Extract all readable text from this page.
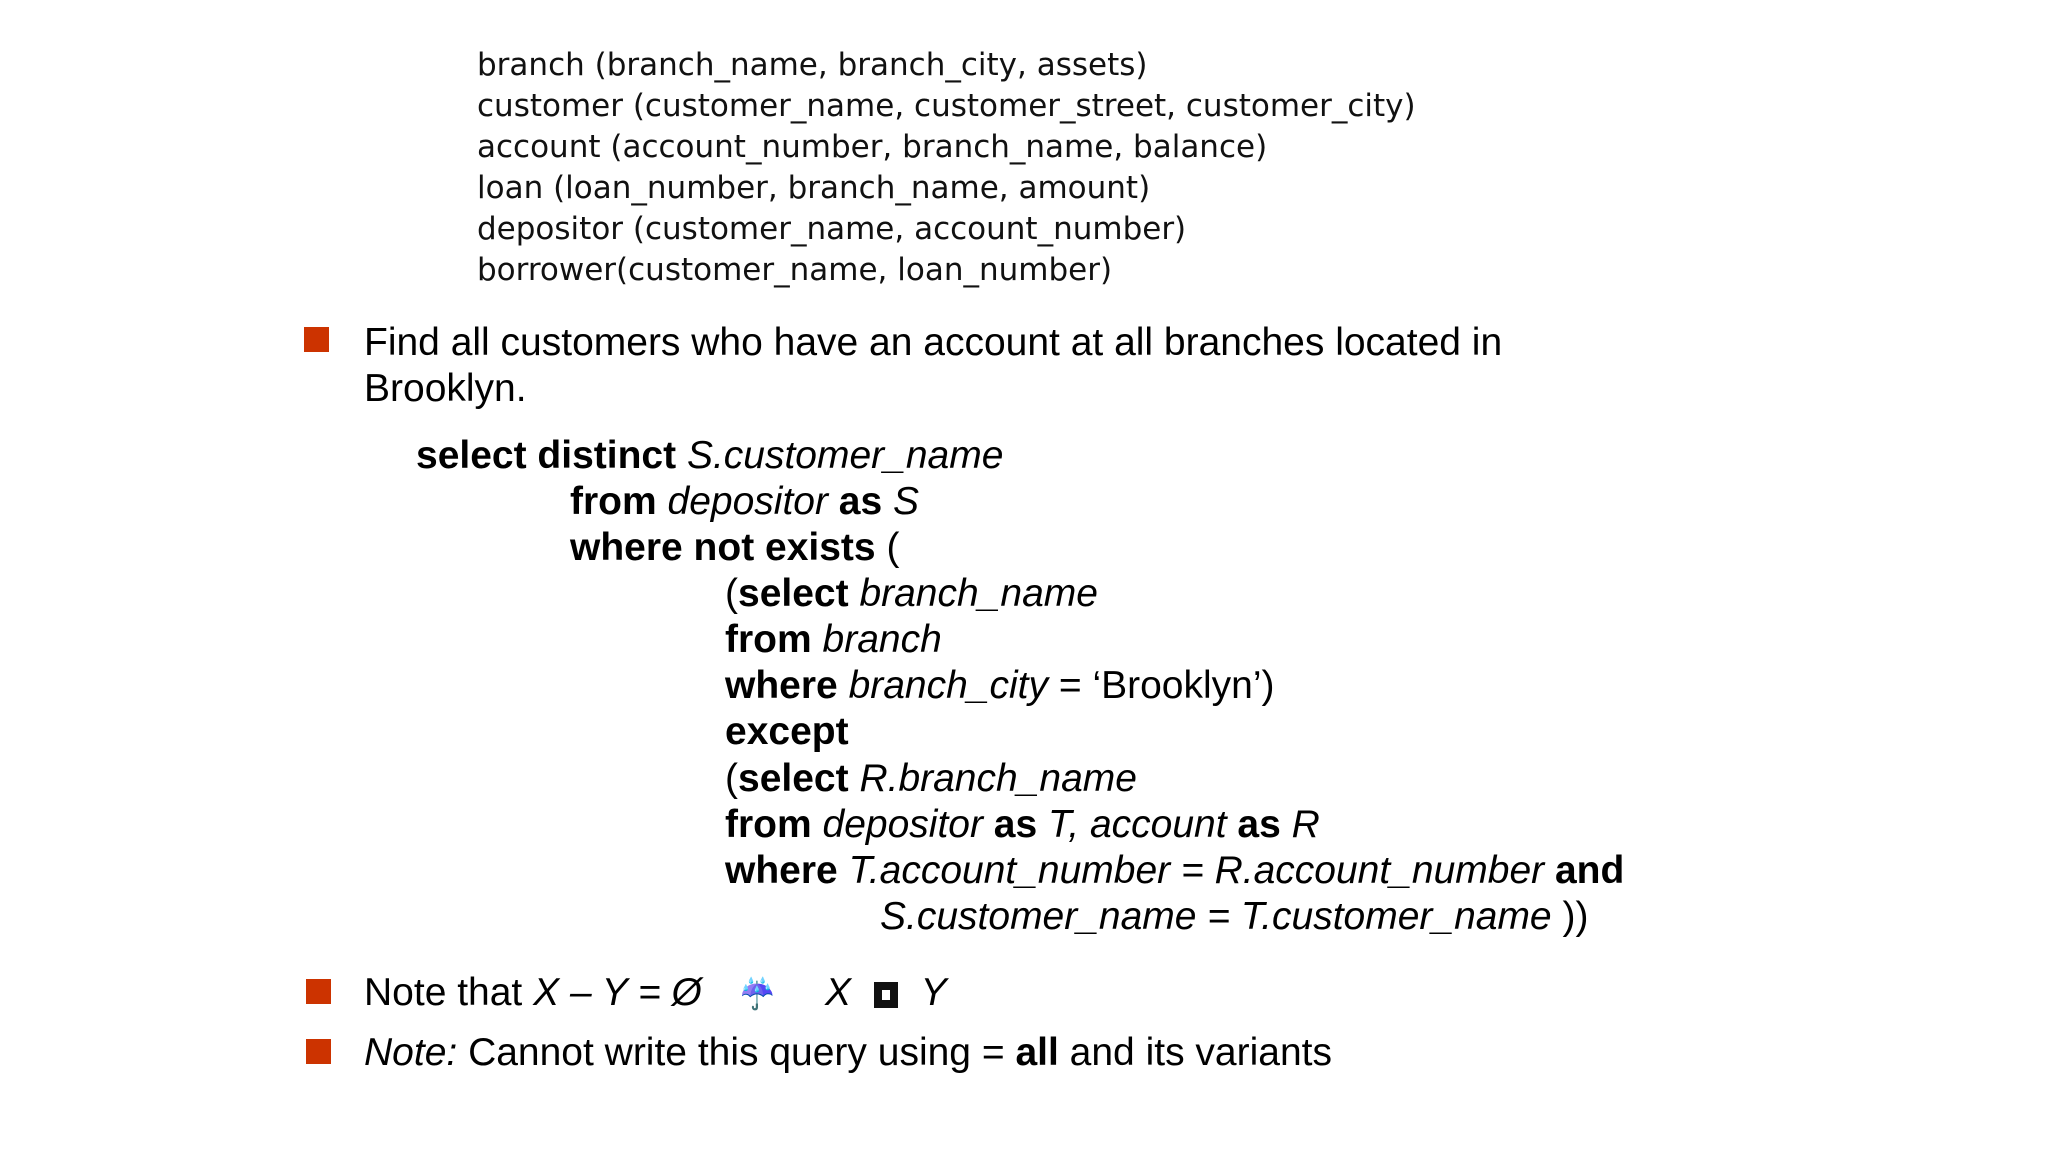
branch (branch_name, branch_city, assets)
customer (customer_name, customer_street, customer_city)
account (account_number, branch_name, balance)
loan (loan_number, branch_name, amount)
depositor (customer_name, account_number)
borrower(customer_name, loan_number)
Find all customers who have an account at all branches located in
Brooklyn.
select distinct S.customer_name
from depositor as S
where not exists (
(select branch_name
from branch
where branch_city = ‘Brooklyn’)
except
(select R.branch_name
from depositor as T, account as R
where T.account_number = R.account_number and
S.customer_name = T.customer_name ))
Note that X – Y = Ø ☔ X Y
Note: Cannot write this query using = all and its variants
